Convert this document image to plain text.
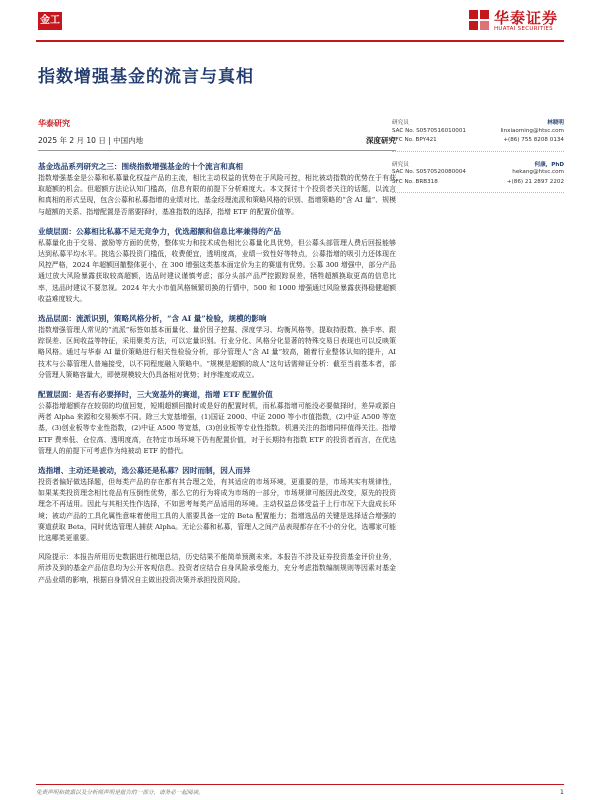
金工	华泰证券
HUATAI SECURITIES
指数增强基金的流言与真相
华泰研究
2025 年 2 月 10 日 | 中国内地	深度研究
基金选品系列研究之三：围绕指数增强基金的十个流言和真相

指数增强基金是公募和私募量化权益产品的主流，相比主动权益的优势在于风险可控，相比被动指数的优势在于有获取超额的机会。但超额方法论认知门槛高，信息有限的前提下分析难度大。本文探讨十个投资者关注的话题，以流言和真相的形式呈现，包含公募和私募指增的业绩对比、基金经理流派和策略风格的识别、指增策略的“含 AI 量”、规模与超额的关系、指增配置是否需要择时，基准指数的选择，指增 ETF 的配置价值等。

业绩层面：公募相比私募不足无竞争力，优选超额和信息比率兼得的产品

私募量化由于交易、激励等方面的优势，整体实力和技术成色相比公募量化具优势，但公募头部管理人费后回报能够达到私募平均水平。挑选公募投资门槛低，收费便宜，透明度高，业绩一致性好等特点，公募指增的吸引力还体现在风控严格，2024 年超额回撤整体更小，在 300 增强这类基本面定价为主的赛道有优势。公募 300 增强中，部分产品通过放大风险暴露获取较高超额，选品时建议谨慎考虑；部分头部产品严控跟踪误差，牺牲超额换取更高的信息比率，选品时建议不要忽视。2024 年大小市值风格频繁切换的行情中，500 和 1000 增强通过风险暴露获得稳健超额收益难度较大。

选品层面：流派识别，策略风格分析，“含 AI 量”检验，规模的影响

指数增强管理人常见的“流派”标签如基本面量化、量价因子挖掘、深度学习、均衡风格等，提取持股数、换手率、跟踪误差、区间收益等特征，采用聚类方法，可以定量识别。行业分化、风格分化显著的特殊交易日表现也可以反映策略风格。通过与华泰 AI 量价策略进行相关性检验分析，部分管理人“含 AI 量”较高，随着行业整体认知的提升，AI 技术与公募管理人普遍接受，以不同程度融入策略中。“规模是超额的敌人”这句话需辩证分析：截至当前基本者，部分管理人策略容量大，即使规模较大仍具备相对优势；时序维度或成立。

配置层面：是否有必要择时，三大宽基外的赛道，指增 ETF 配置价值

公募指增超额存在较弱的均值回复，短期超额回撤时或是好的配置时机，而私募指增可能没必要做择时，差异或源自两者 Alpha 来源和交易频率不同。除三大宽基增强，(1)国证 2000、中证 2000 等小市值指数，(2)中证 A500 等宽基，(3)创业板等专业性指数，(2)中证 A500 等宽基，(3)创业板等专业性指数。机遇关注的指增同样值得关注。指增 ETF 费率低、仓位高、透明度高，在特定市场环境下仍有配置价值，对于长期持有指数 ETF 的投资者而言，在优选管理人的前提下可考虑作为纯被动 ETF 的替代。

选指增、主动还是被动，选公募还是私募？因时而制，因人而异

投资者偏好做选择题，但每类产品的存在都有其合理之处，有其适应的市场环境，更重要的是，市场其实有规律性，如果某类投资理念相比竞品有压倒性优势，那么它的行为将成为市场的一部分，市场规律可能因此改变，原先的投资理念不再适用。因此与其相关性作选择，不如思考每类产品适用的环境。主动权益总体受益于上行市况下大盘成长环境；被动产品的工具化属性意味着使用工具的人需要具备一定的 Beta 配置能力；指增选品的关键是选择适合增强的赛道获取 Beta，同时优选管理人捕获 Alpha。无论公募和私募，管理人之间产品表现都存在不小的分化，选哪家可能比选哪类更重要。

风险提示：本报告所用历史数据进行梳理总结，历史结果不能简单预测未来。本报告不涉及证券投资基金评价业务，所涉及到的基金产品信息均为公开客观信息。投资者应结合自身风险承受能力，充分考虑指数编制规则等因素对基金产品业绩的影响，根据自身情况自主做出投资决策并承担投资风险。

研究员	林晓明
SAC No. S0570516010001	linxiaoming@htsc.com
SFC No. BPY421	+(86) 755 8208 0134
研究员	何康，PhD
SAC No. S0570520080004	hekang@htsc.com
SFC No. BRB318	+(86) 21 2897 2202
免责声明和披露以及分析师声明是报告的一部分，请务必一起阅读。	1
